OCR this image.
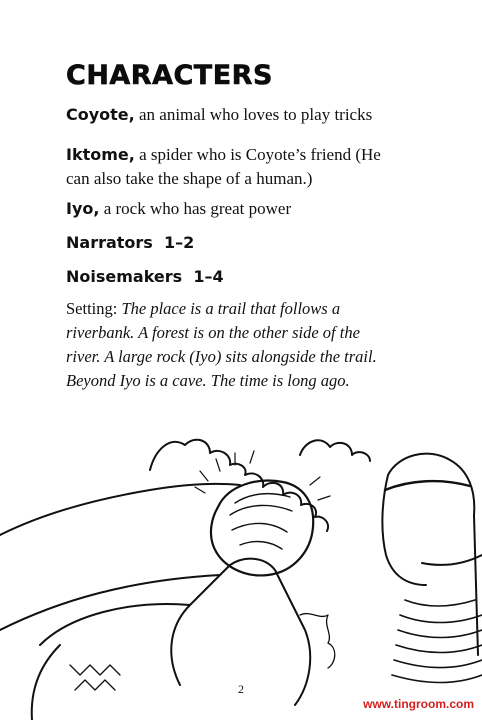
CHARACTERS
Coyote, an animal who loves to play tricks
Iktome, a spider who is Coyote’s friend (He can also take the shape of a human.)
Iyo, a rock who has great power
Narrators 1–2
Noisemakers 1–4
Setting: The place is a trail that follows a riverbank. A forest is on the other side of the river. A large rock (Iyo) sits alongside the trail. Beyond Iyo is a cave. The time is long ago.
2
www.tingroom.com
